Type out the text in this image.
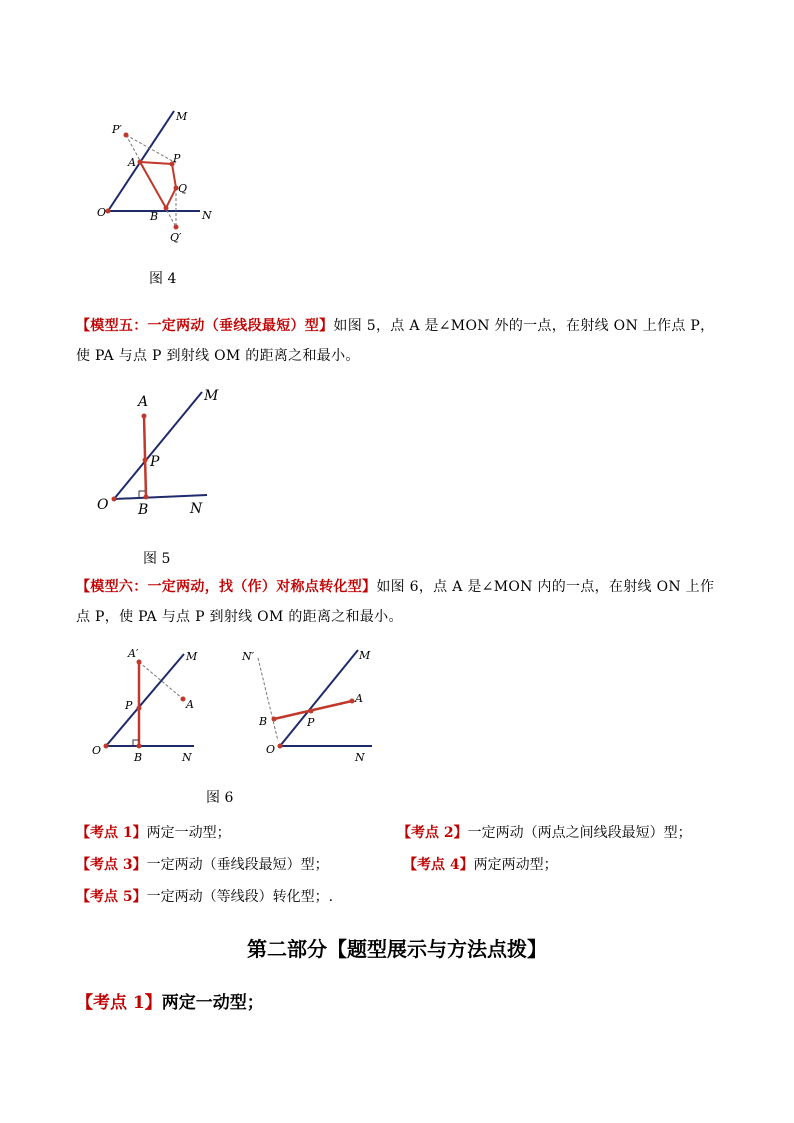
P′
M
A	P
Q
O	B	N
Q′
图 4
【模型五：一定两动（垂线段最短）型】如图 5，点 A 是∠MON 外的一点，在射线 ON 上作点 P，使 PA 与点 P 到射线 OM 的距离之和最小。
A	M
P
O B	N
图 5
【模型六：一定两动，找（作）对称点转化型】如图 6，点 A 是∠MON 内的一点，在射线 ON 上作点 P，使 PA 与点 P 到射线 OM 的距离之和最小。
A′	M
P	A
O
B	N
N′	M
A
B	P
O
N
图 6
【考点 1】两定一动型；	【考点 2】一定两动（两点之间线段最短）型；
【考点 3】一定两动（垂线段最短）型；	【考点 4】两定两动型；
【考点 5】一定两动（等线段）转化型；.
第二部分【题型展示与方法点拨】
【考点 1】两定一动型；
